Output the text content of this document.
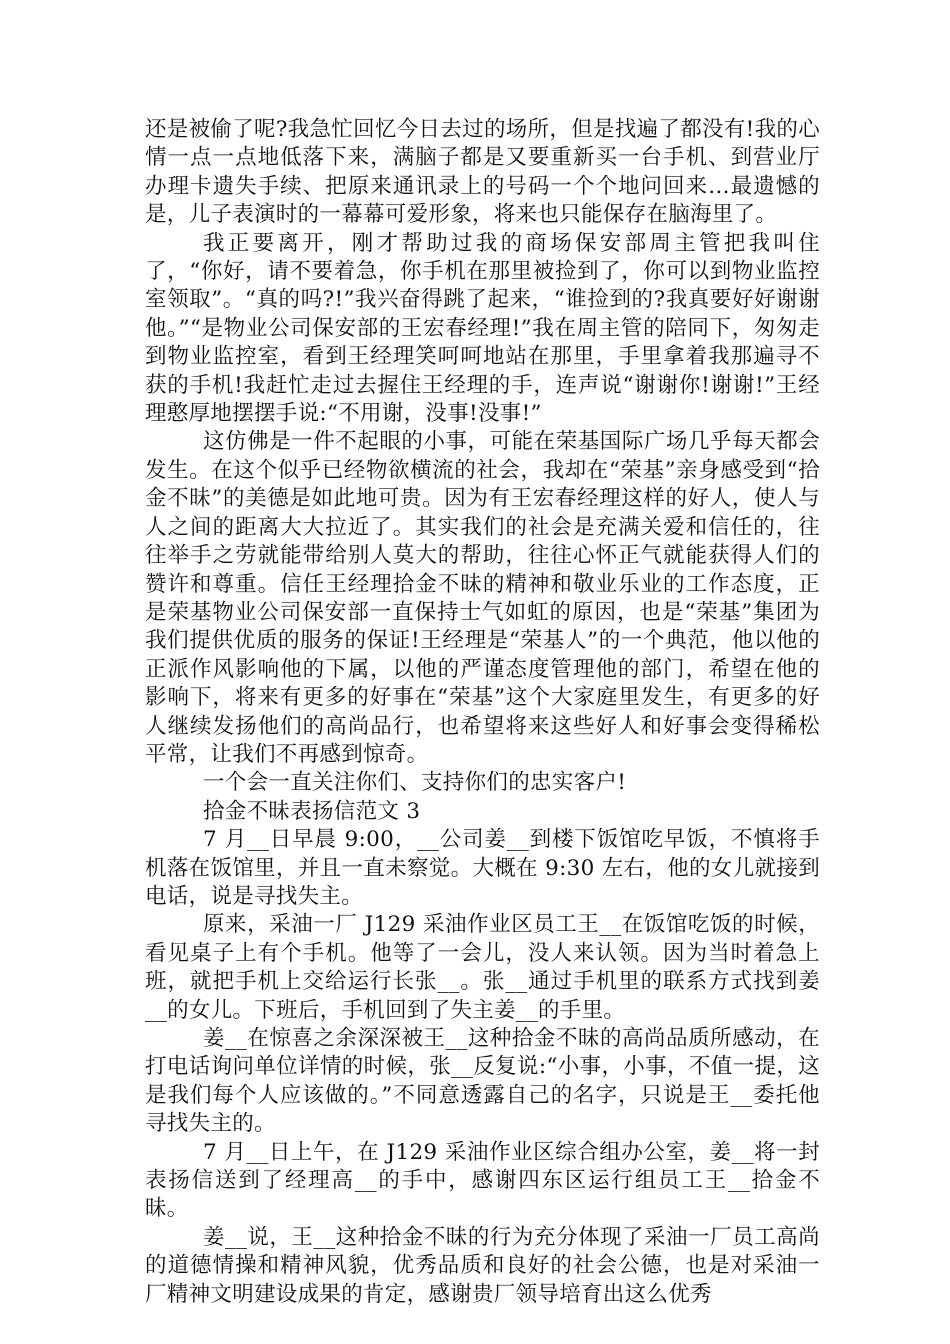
还是被偷了呢?我急忙回忆今日去过的场所，但是找遍了都没有!我的心情一点一点地低落下来，满脑子都是又要重新买一台手机、到营业厅办理卡遗失手续、把原来通讯录上的号码一个个地问回来…最遗憾的是，儿子表演时的一幕幕可爱形象，将来也只能保存在脑海里了。

我正要离开，刚才帮助过我的商场保安部周主管把我叫住了，“你好，请不要着急，你手机在那里被捡到了，你可以到物业监控室领取”。“真的吗?!”我兴奋得跳了起来，“谁捡到的?我真要好好谢谢他。”“是物业公司保安部的王宏春经理!”我在周主管的陪同下，匆匆走到物业监控室，看到王经理笑呵呵地站在那里，手里拿着我那遍寻不获的手机!我赶忙走过去握住王经理的手，连声说“谢谢你!谢谢!”王经理憨厚地摆摆手说:“不用谢，没事!没事!”

这仿佛是一件不起眼的小事，可能在荣基国际广场几乎每天都会发生。在这个似乎已经物欲横流的社会，我却在“荣基”亲身感受到“拾金不昧”的美德是如此地可贵。因为有王宏春经理这样的好人，使人与人之间的距离大大拉近了。其实我们的社会是充满关爱和信任的，往往举手之劳就能带给别人莫大的帮助，往往心怀正气就能获得人们的赞许和尊重。信任王经理拾金不昧的精神和敬业乐业的工作态度，正是荣基物业公司保安部一直保持士气如虹的原因，也是“荣基”集团为我们提供优质的服务的保证!王经理是“荣基人”的一个典范，他以他的正派作风影响他的下属，以他的严谨态度管理他的部门，希望在他的影响下，将来有更多的好事在“荣基”这个大家庭里发生，有更多的好人继续发扬他们的高尚品行，也希望将来这些好人和好事会变得稀松平常，让我们不再感到惊奇。

一个会一直关注你们、支持你们的忠实客户!

拾金不昧表扬信范文 3

7 月__日早晨 9:00，__公司姜__到楼下饭馆吃早饭，不慎将手机落在饭馆里，并且一直未察觉。大概在 9:30 左右，他的女儿就接到电话，说是寻找失主。

原来，采油一厂 J129 采油作业区员工王__在饭馆吃饭的时候，看见桌子上有个手机。他等了一会儿，没人来认领。因为当时着急上班，就把手机上交给运行长张__。张__通过手机里的联系方式找到姜__的女儿。下班后，手机回到了失主姜__的手里。

姜__在惊喜之余深深被王__这种拾金不昧的高尚品质所感动，在打电话询问单位详情的时候，张__反复说:“小事，小事，不值一提，这是我们每个人应该做的。”不同意透露自己的名字，只说是王__委托他寻找失主的。

7 月__日上午，在 J129 采油作业区综合组办公室，姜__将一封表扬信送到了经理高__的手中，感谢四东区运行组员工王__拾金不昧。

姜__说，王__这种拾金不昧的行为充分体现了采油一厂员工高尚的道德情操和精神风貌，优秀品质和良好的社会公德，也是对采油一厂精神文明建设成果的肯定，感谢贵厂领导培育出这么优秀
